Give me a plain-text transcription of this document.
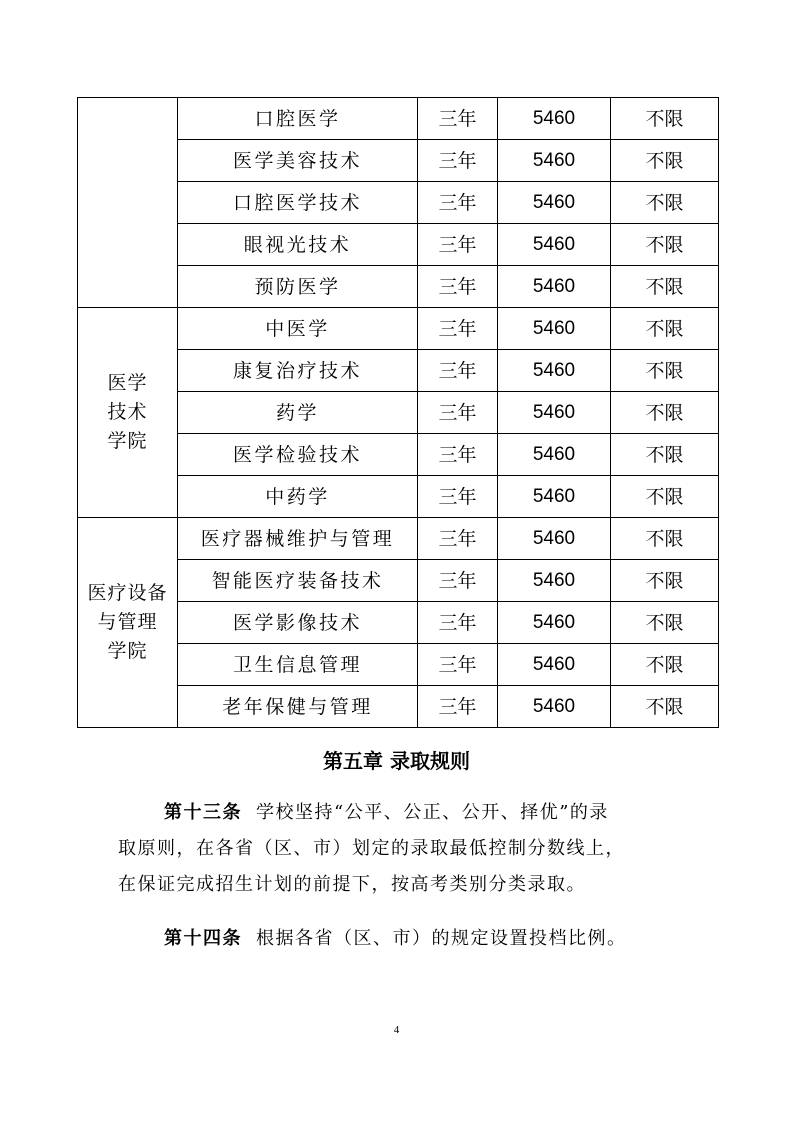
	口腔医学	三年	5460	不限
	医学美容技术	三年	5460	不限
	口腔医学技术	三年	5460	不限
	眼视光技术	三年	5460	不限
	预防医学	三年	5460	不限

医学
技术
学院	中医学	三年	5460	不限
	康复治疗技术	三年	5460	不限
	药学	三年	5460	不限
	医学检验技术	三年	5460	不限
	中药学	三年	5460	不限

医疗设备
与管理
学院	医疗器械维护与管理	三年	5460	不限
	智能医疗装备技术	三年	5460	不限
	医学影像技术	三年	5460	不限
	卫生信息管理	三年	5460	不限
	老年保健与管理	三年	5460	不限
第五章 录取规则
第十三条 学校坚持“公平、公正、公开、择优”的录
取原则，在各省（区、市）划定的录取最低控制分数线上，
在保证完成招生计划的前提下，按高考类别分类录取。
第十四条 根据各省（区、市）的规定设置投档比例。
4
